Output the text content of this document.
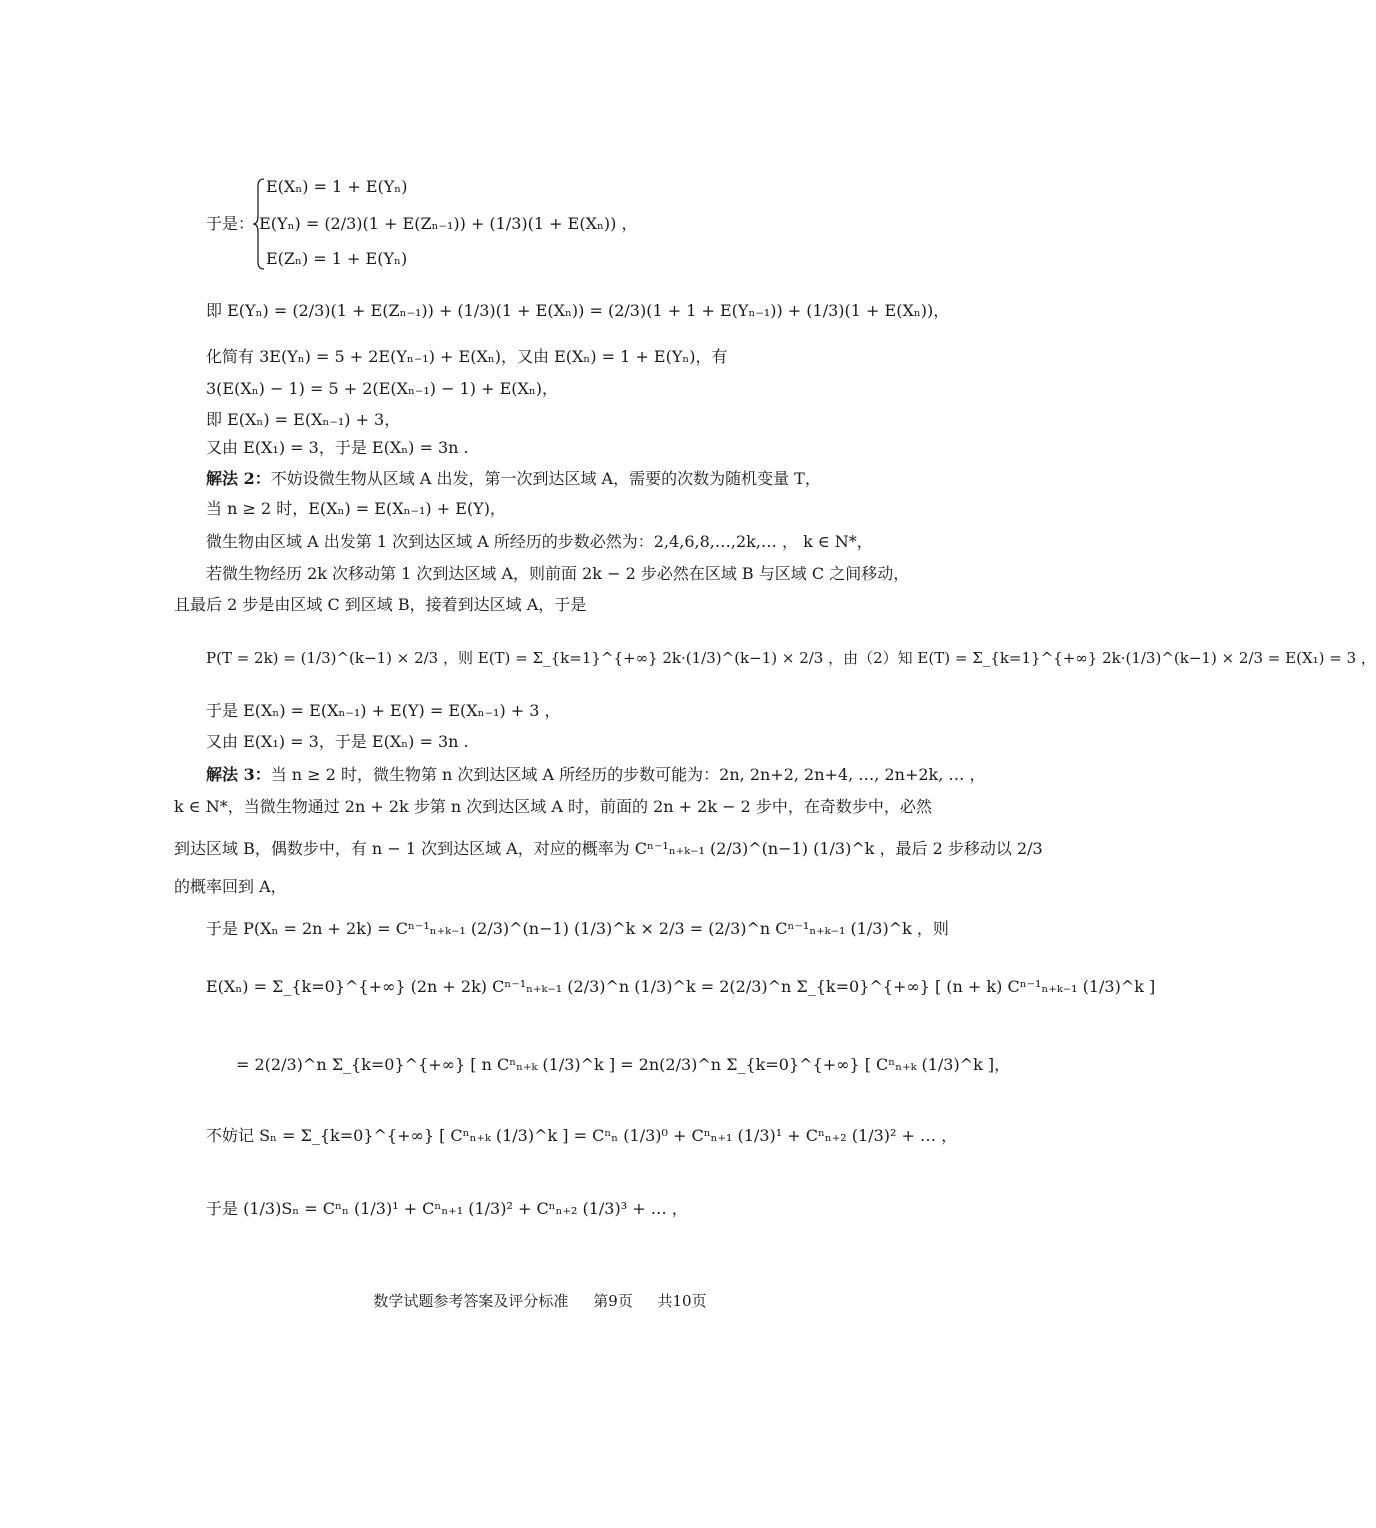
E(Xₙ) = 1 + E(Yₙ)
于是： E(Yₙ) = (2/3)(1 + E(Zₙ₋₁)) + (1/3)(1 + E(Xₙ)) ，
E(Zₙ) = 1 + E(Yₙ)
即 E(Yₙ) = (2/3)(1 + E(Zₙ₋₁)) + (1/3)(1 + E(Xₙ)) = (2/3)(1 + 1 + E(Yₙ₋₁)) + (1/3)(1 + E(Xₙ))，
化简有 3E(Yₙ) = 5 + 2E(Yₙ₋₁) + E(Xₙ)，又由 E(Xₙ) = 1 + E(Yₙ)，有
3(E(Xₙ) − 1) = 5 + 2(E(Xₙ₋₁) − 1) + E(Xₙ)，
即 E(Xₙ) = E(Xₙ₋₁) + 3，
又由 E(X₁) = 3，于是 E(Xₙ) = 3n .
解法 2：不妨设微生物从区域 A 出发，第一次到达区域 A，需要的次数为随机变量 T，
当 n ≥ 2 时，E(Xₙ) = E(Xₙ₋₁) + E(Y)，
微生物由区域 A 出发第 1 次到达区域 A 所经历的步数必然为：2,4,6,8,…,2k,… ， k ∈ N*，
若微生物经历 2k 次移动第 1 次到达区域 A，则前面 2k − 2 步必然在区域 B 与区域 C 之间移动，
且最后 2 步是由区域 C 到区域 B，接着到达区域 A，于是
P(T = 2k) = (1/3)^(k−1) × 2/3 ，则 E(T) = Σ_{k=1}^{+∞} 2k·(1/3)^(k−1) × 2/3 ，由（2）知 E(T) = Σ_{k=1}^{+∞} 2k·(1/3)^(k−1) × 2/3 = E(X₁) = 3 ，
于是 E(Xₙ) = E(Xₙ₋₁) + E(Y) = E(Xₙ₋₁) + 3 ，
又由 E(X₁) = 3，于是 E(Xₙ) = 3n .
解法 3：当 n ≥ 2 时，微生物第 n 次到达区域 A 所经历的步数可能为：2n, 2n+2, 2n+4, …, 2n+2k, … ，
k ∈ N*，当微生物通过 2n + 2k 步第 n 次到达区域 A 时，前面的 2n + 2k − 2 步中，在奇数步中，必然
到达区域 B，偶数步中，有 n − 1 次到达区域 A，对应的概率为 Cⁿ⁻¹ₙ₊ₖ₋₁ (2/3)^(n−1) (1/3)^k ，最后 2 步移动以 2/3
的概率回到 A，
于是 P(Xₙ = 2n + 2k) = Cⁿ⁻¹ₙ₊ₖ₋₁ (2/3)^(n−1) (1/3)^k × 2/3 = (2/3)^n Cⁿ⁻¹ₙ₊ₖ₋₁ (1/3)^k ，则
E(Xₙ) = Σ_{k=0}^{+∞} (2n + 2k) Cⁿ⁻¹ₙ₊ₖ₋₁ (2/3)^n (1/3)^k = 2(2/3)^n Σ_{k=0}^{+∞} [ (n + k) Cⁿ⁻¹ₙ₊ₖ₋₁ (1/3)^k ]
= 2(2/3)^n Σ_{k=0}^{+∞} [ n Cⁿₙ₊ₖ (1/3)^k ] = 2n(2/3)^n Σ_{k=0}^{+∞} [ Cⁿₙ₊ₖ (1/3)^k ]，
不妨记 Sₙ = Σ_{k=0}^{+∞} [ Cⁿₙ₊ₖ (1/3)^k ] = Cⁿₙ (1/3)⁰ + Cⁿₙ₊₁ (1/3)¹ + Cⁿₙ₊₂ (1/3)² + … ，
于是 (1/3)Sₙ = Cⁿₙ (1/3)¹ + Cⁿₙ₊₁ (1/3)² + Cⁿₙ₊₂ (1/3)³ + … ，
数学试题参考答案及评分标准 第9页 共10页
